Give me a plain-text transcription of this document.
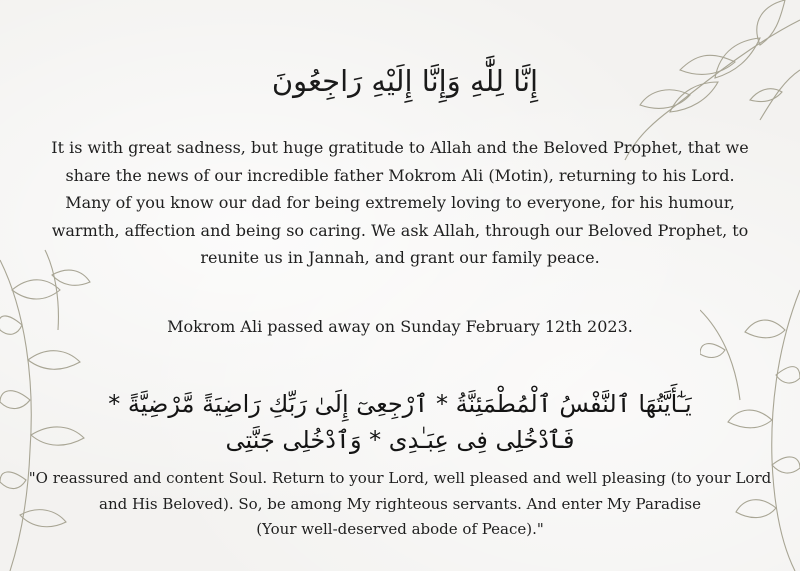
إِنَّا لِلَّٰهِ وَإِنَّا إِلَيْهِ رَاجِعُونَ
It is with great sadness, but huge gratitude to Allah and the Beloved Prophet, that we
share the news of our incredible father Mokrom Ali (Motin), returning to his Lord.
Many of you know our dad for being extremely loving to everyone, for his humour,
warmth, affection and being so caring. We ask Allah, through our Beloved Prophet, to
reunite us in Jannah, and grant our family peace.
Mokrom Ali passed away on Sunday February 12th 2023.
يَـٰٓأَيَّتُهَا ٱلنَّفْسُ ٱلْمُطْمَئِنَّةُ * ٱرْجِعِىٓ إِلَىٰ رَبِّكِ رَاضِيَةً مَّرْضِيَّةً *
فَٱدْخُلِى فِى عِبَـٰدِى * وَٱدْخُلِى جَنَّتِى
"O reassured and content Soul. Return to your Lord, well pleased and well pleasing (to your Lord
and His Beloved). So, be among My righteous servants. And enter My Paradise
(Your well-deserved abode of Peace)."
